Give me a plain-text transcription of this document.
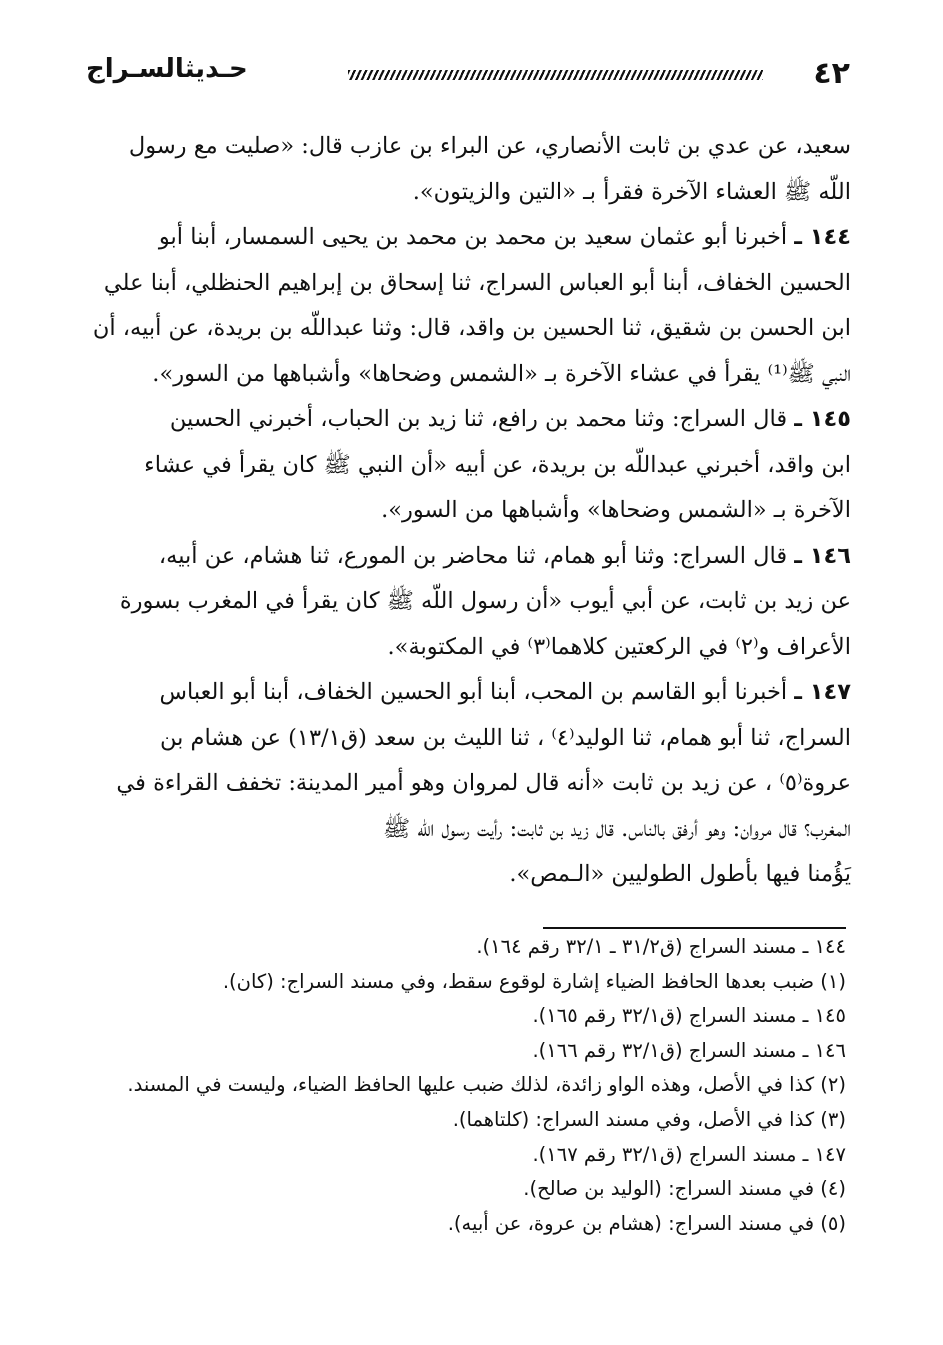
٤٢
حـديثالسـراج

سعيد، عن عدي بن ثابت الأنصاري، عن البراء بن عازب قال: «صليت مع رسول
اللّه ﷺ العشاء الآخرة فقرأ بـ «التين والزيتون».

١٤٤ ـ أخبرنا أبو عثمان سعيد بن محمد بن محمد بن يحيى السمسار، أبنا أبو
الحسين الخفاف، أبنا أبو العباس السراج، ثنا إسحاق بن إبراهيم الحنظلي، أبنا علي
ابن الحسن بن شقيق، ثنا الحسين بن واقد، قال: وثنا عبداللّه بن بريدة، عن أبيه، أن
النبي ﷺ⁽¹⁾ يقرأ في عشاء الآخرة بـ «الشمس وضحاها» وأشباهها من السور».

١٤٥ ـ قال السراج: وثنا محمد بن رافع، ثنا زيد بن الحباب، أخبرني الحسين
ابن واقد، أخبرني عبداللّه بن بريدة، عن أبيه «أن النبي ﷺ كان يقرأ في عشاء
الآخرة بـ «الشمس وضحاها» وأشباهها من السور».

١٤٦ ـ قال السراج: وثنا أبو همام، ثنا محاضر بن المورع، ثنا هشام، عن أبيه،
عن زيد بن ثابت، عن أبي أيوب «أن رسول اللّه ﷺ كان يقرأ في المغرب بسورة
الأعراف و⁽٢⁾ في الركعتين كلاهما⁽٣⁾ في المكتوبة».

١٤٧ ـ أخبرنا أبو القاسم بن المحب، أبنا أبو الحسين الخفاف، أبنا أبو العباس
السراج، ثنا أبو همام، ثنا الوليد⁽٤⁾ ، ثنا الليث بن سعد (ق١٣/١) عن هشام بن
عروة⁽٥⁾ ، عن زيد بن ثابت «أنه قال لمروان وهو أمير المدينة: تخفف القراءة في
المغرب؟ قال مروان: وهو أرفق بالناس. قال زيد بن ثابت: رأيت رسول اللّه ﷺ
يَؤُمنا فيها بأطول الطوليين «الـمص».

١٤٤ ـ مسند السراج (ق٣١/٢ ـ ٣٢/١ رقم ١٦٤).

(١) ضبب بعدها الحافظ الضياء إشارة لوقوع سقط، وفي مسند السراج: (كان).

١٤٥ ـ مسند السراج (ق٣٢/١ رقم ١٦٥).

١٤٦ ـ مسند السراج (ق٣٢/١ رقم ١٦٦).

(٢) كذا في الأصل، وهذه الواو زائدة، لذلك ضبب عليها الحافظ الضياء، وليست في المسند.

(٣) كذا في الأصل، وفي مسند السراج: (كلتاهما).

١٤٧ ـ مسند السراج (ق٣٢/١ رقم ١٦٧).

(٤) في مسند السراج: (الوليد بن صالح).

(٥) في مسند السراج: (هشام بن عروة، عن أبيه).
